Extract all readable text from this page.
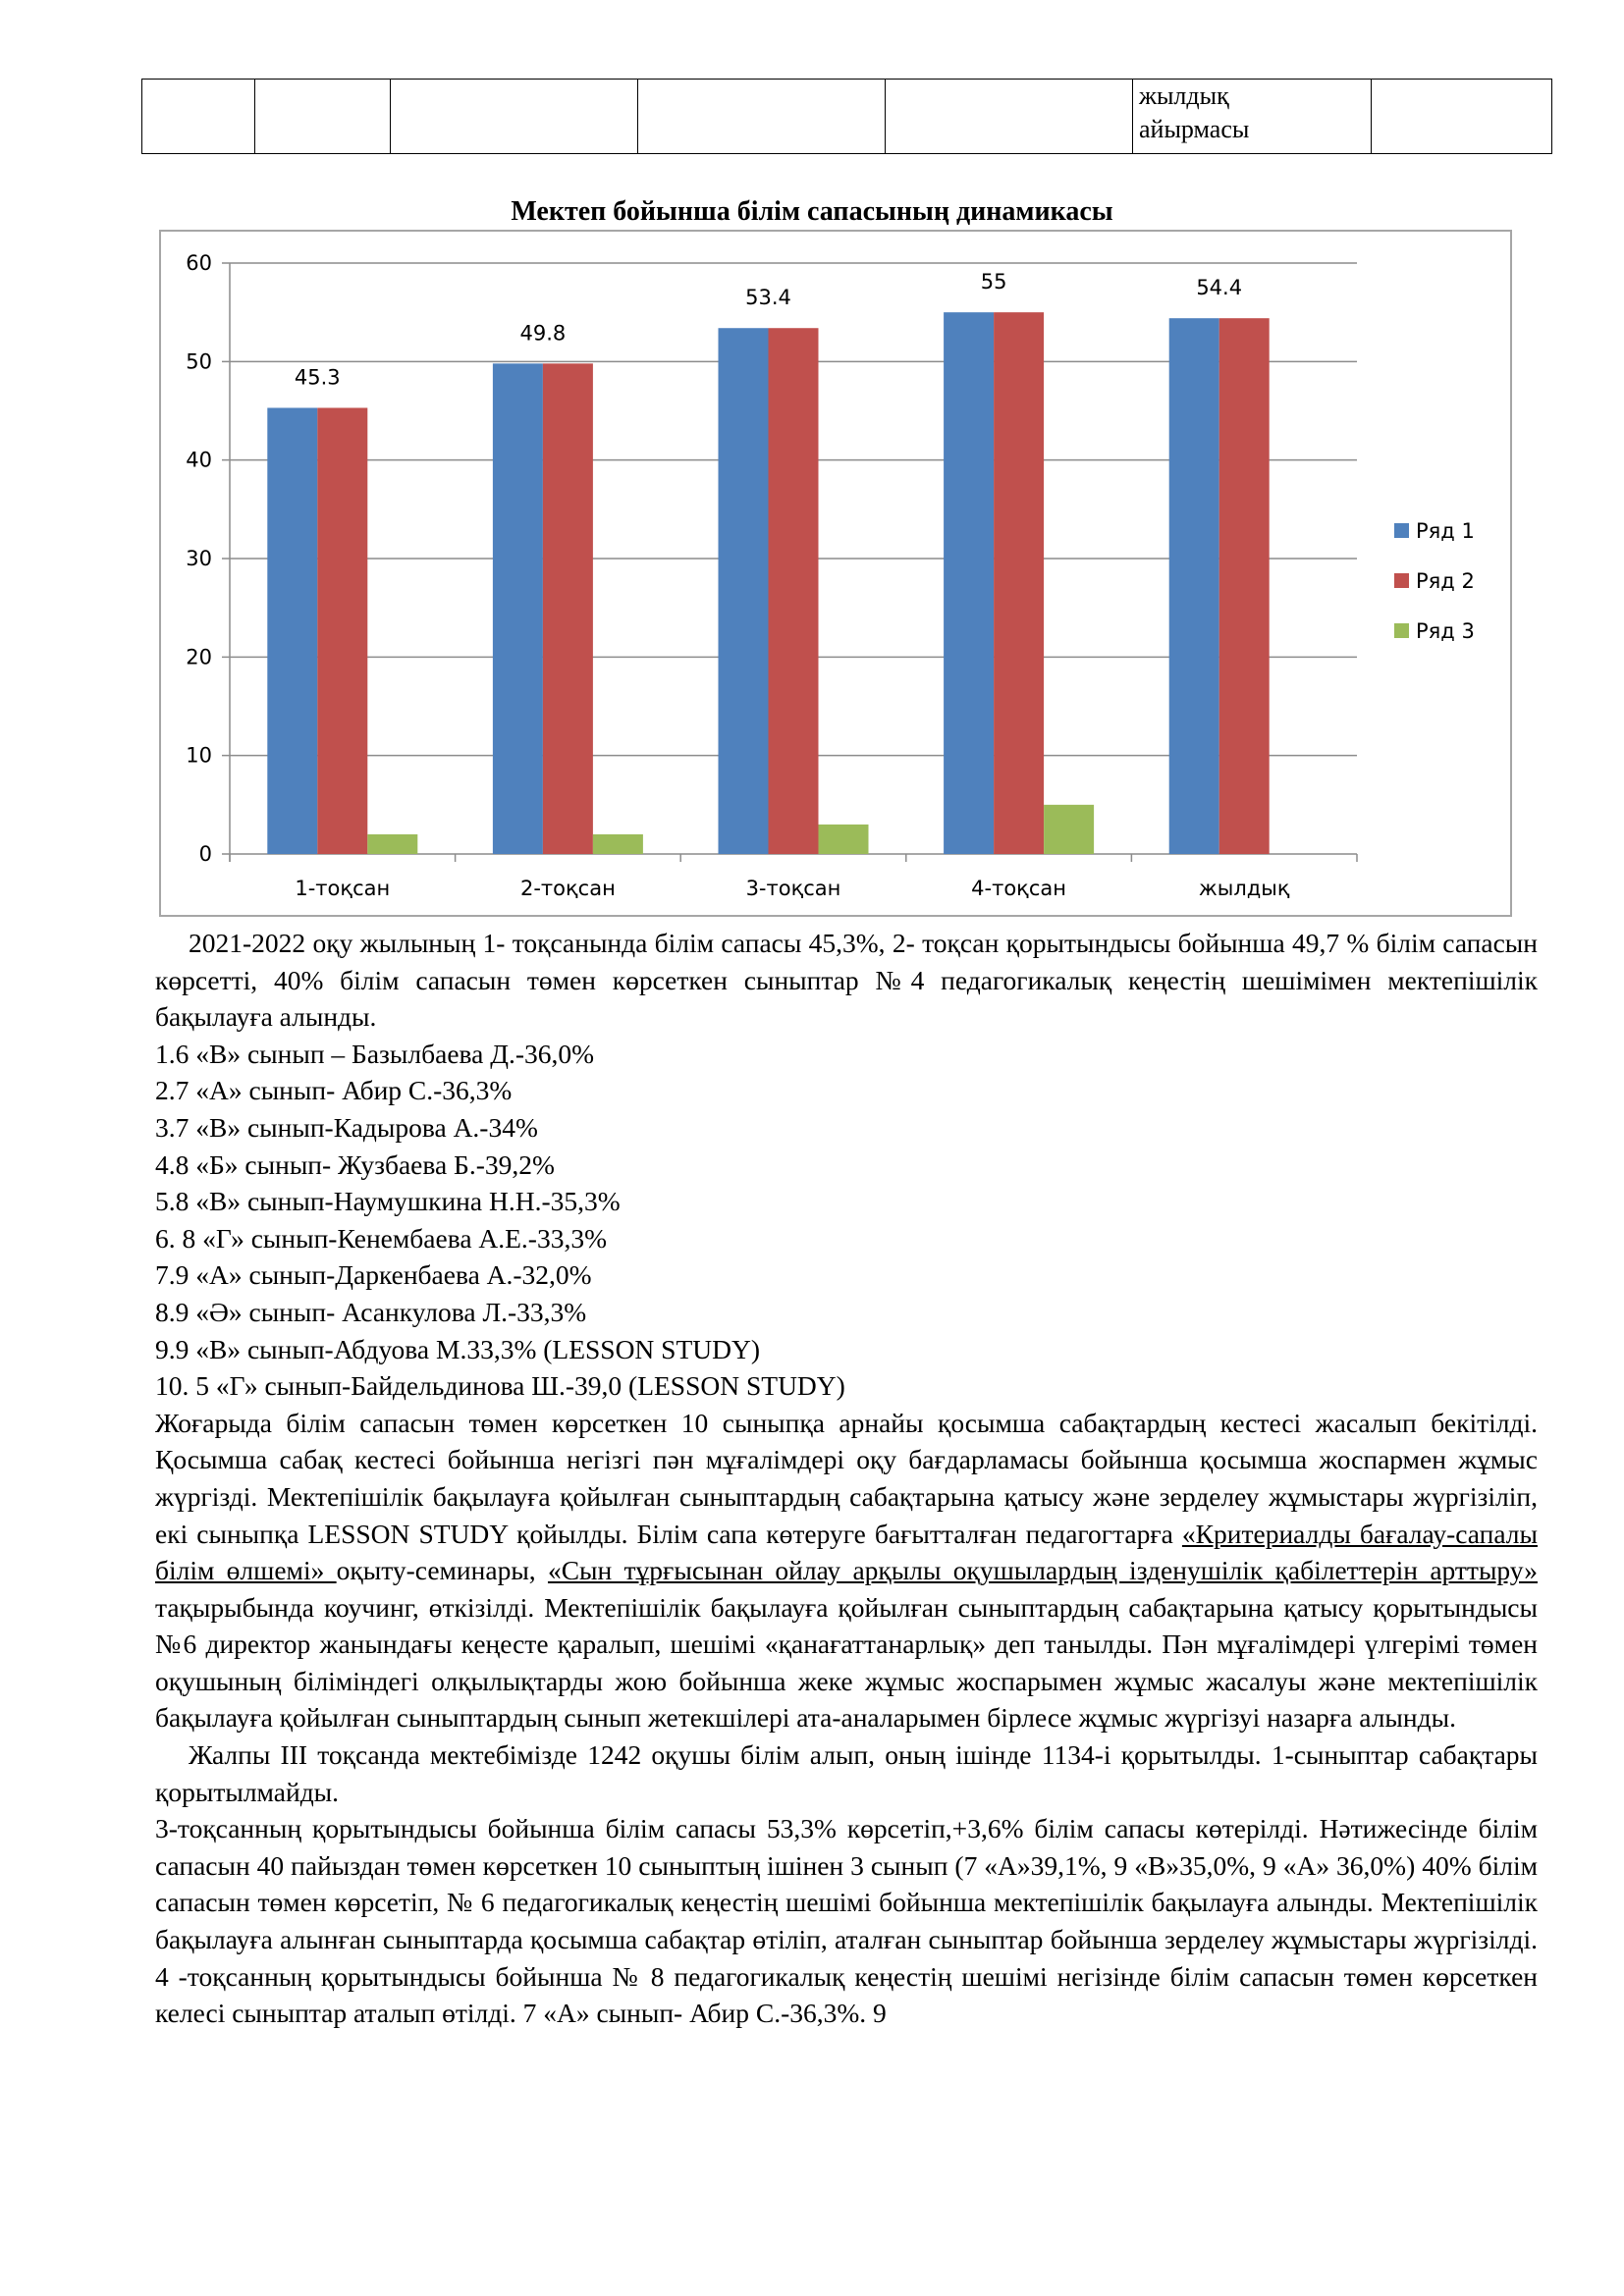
					жылдық
айырмасы	
Мектеп бойынша білім сапасының динамикасы
0
10
20
30
40
50
60
45.3
1-тоқсан
49.8
2-тоқсан
53.4
3-тоқсан
55
4-тоқсан
54.4
жылдық
Ряд 1
Ряд 2
Ряд 3

2021-2022 оқу жылының 1- тоқсанында білім сапасы 45,3%, 2- тоқсан қорытындысы бойынша 49,7 % білім сапасын көрсетті, 40% білім сапасын төмен көрсеткен сыныптар №4 педагогикалық кеңестің шешімімен мектепішілік бақылауға алынды.

1.6 «В» сынып – Базылбаева Д.-36,0%

2.7 «А» сынып- Абир С.-36,3%

3.7 «В» сынып-Кадырова А.-34%

4.8 «Б» сынып- Жузбаева Б.-39,2%

5.8 «В» сынып-Наумушкина Н.Н.-35,3%

6. 8 «Г» сынып-Кенембаева А.Е.-33,3%

7.9 «А» сынып-Даркенбаева А.-32,0%

8.9 «Ә» сынып- Асанкулова Л.-33,3%

9.9 «В» сынып-Абдуова М.33,3% (LESSON STUDY)

10. 5 «Г» сынып-Байдельдинова Ш.-39,0 (LESSON STUDY)

Жоғарыда білім сапасын төмен көрсеткен 10 сыныпқа арнайы қосымша сабақтардың кестесі жасалып бекітілді. Қосымша сабақ кестесі бойынша негізгі пән мұғалімдері оқу бағдарламасы бойынша қосымша жоспармен жұмыс жүргізді. Мектепішілік бақылауға қойылған сыныптардың сабақтарына қатысу және зерделеу жұмыстары жүргізіліп, екі сыныпқа LESSON STUDY қойылды. Білім сапа көтеруге бағытталған педагогтарға «Критериалды бағалау-сапалы білім өлшемі» оқыту-семинары, «Сын тұрғысынан ойлау арқылы оқушылардың ізденушілік қабілеттерін арттыру» тақырыбында коучинг, өткізілді. Мектепішілік бақылауға қойылған сыныптардың сабақтарына қатысу қорытындысы №6 директор жанындағы кеңесте қаралып, шешімі «қанағаттанарлық» деп танылды. Пән мұғалімдері үлгерімі төмен оқушының біліміндегі олқылықтарды жою бойынша жеке жұмыс жоспарымен жұмыс жасалуы және мектепішілік бақылауға қойылған сыныптардың сынып жетекшілері ата-аналарымен бірлесе жұмыс жүргізуі назарға алынды.

Жалпы ІІІ тоқсанда мектебімізде 1242 оқушы білім алып, оның ішінде 1134-і қорытылды. 1-сыныптар сабақтары қорытылмайды.

3-тоқсанның қорытындысы бойынша білім сапасы 53,3% көрсетіп,+3,6% білім сапасы көтерілді. Нәтижесінде білім сапасын 40 пайыздан төмен көрсеткен 10 сыныптың ішінен 3 сынып (7 «А»39,1%, 9 «В»35,0%, 9 «А» 36,0%) 40% білім сапасын төмен көрсетіп, № 6 педагогикалық кеңестің шешімі бойынша мектепішілік бақылауға алынды. Мектепішілік бақылауға алынған сыныптарда қосымша сабақтар өтіліп, аталған сыныптар бойынша зерделеу жұмыстары жүргізілді. 4 -тоқсанның қорытындысы бойынша № 8 педагогикалық кеңестің шешімі негізінде білім сапасын төмен көрсеткен келесі сыныптар аталып өтілді. 7 «А» сынып- Абир С.-36,3%. 9
